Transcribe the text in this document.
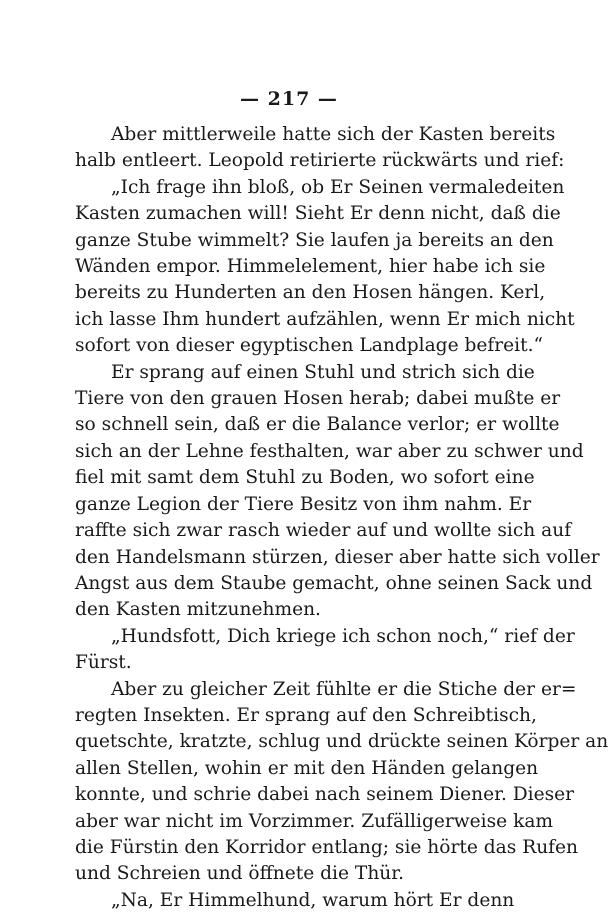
— 217 —
Aber mittlerweile hatte sich der Kasten bereits
halb entleert. Leopold retirierte rückwärts und rief:
„Ich frage ihn bloß, ob Er Seinen vermaledeiten
Kasten zumachen will! Sieht Er denn nicht, daß die
ganze Stube wimmelt? Sie laufen ja bereits an den
Wänden empor. Himmelelement, hier habe ich sie
bereits zu Hunderten an den Hosen hängen. Kerl,
ich lasse Ihm hundert aufzählen, wenn Er mich nicht
sofort von dieser egyptischen Landplage befreit.“
Er sprang auf einen Stuhl und strich sich die
Tiere von den grauen Hosen herab; dabei mußte er
so schnell sein, daß er die Balance verlor; er wollte
sich an der Lehne festhalten, war aber zu schwer und
fiel mit samt dem Stuhl zu Boden, wo sofort eine
ganze Legion der Tiere Besitz von ihm nahm. Er
raffte sich zwar rasch wieder auf und wollte sich auf
den Handelsmann stürzen, dieser aber hatte sich voller
Angst aus dem Staube gemacht, ohne seinen Sack und
den Kasten mitzunehmen.
„Hundsfott, Dich kriege ich schon noch,“ rief der
Fürst.
Aber zu gleicher Zeit fühlte er die Stiche der er=
regten Insekten. Er sprang auf den Schreibtisch,
quetschte, kratzte, schlug und drückte seinen Körper an
allen Stellen, wohin er mit den Händen gelangen
konnte, und schrie dabei nach seinem Diener. Dieser
aber war nicht im Vorzimmer. Zufälligerweise kam
die Fürstin den Korridor entlang; sie hörte das Rufen
und Schreien und öffnete die Thür.
„Na, Er Himmelhund, warum hört Er denn
